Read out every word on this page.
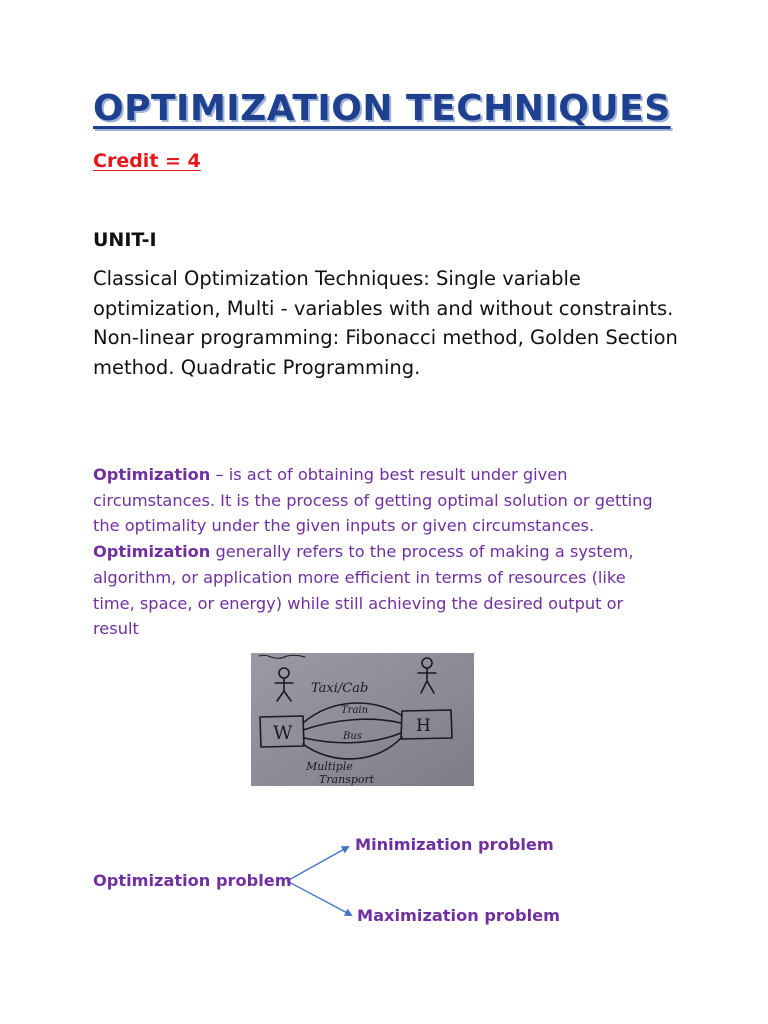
OPTIMIZATION TECHNIQUES
Credit = 4
UNIT-I
Classical Optimization Techniques: Single variable
optimization, Multi - variables with and without constraints.
Non-linear programming: Fibonacci method, Golden Section
method. Quadratic Programming.
Optimization – is act of obtaining best result under given
circumstances. It is the process of getting optimal solution or getting
the optimality under the given inputs or given circumstances.
Optimization generally refers to the process of making a system,
algorithm, or application more efficient in terms of resources (like
time, space, or energy) while still achieving the desired output or
result
Taxi/Cab
Train
Bus
W	H
Multiple
Transport
Optimization problem
Minimization problem
Maximization problem
